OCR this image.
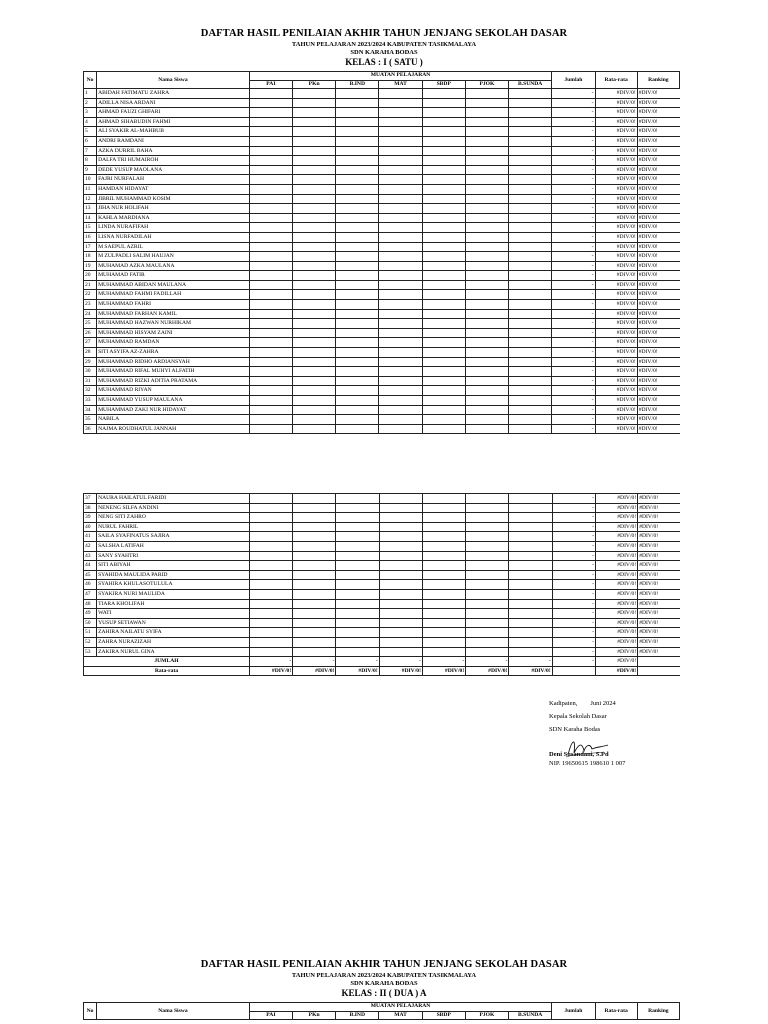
DAFTAR HASIL PENILAIAN AKHIR TAHUN JENJANG SEKOLAH DASAR
TAHUN PELAJARAN 2023/2024 KABUPATEN TASIKMALAYA
SDN KARAHA BODAS
KELAS : I ( SATU )
No	Nama Siswa	MUATAN PELAJARAN							Jumlah	Rata-rata	Ranking
		PAI	PKn	B.IND	MAT	SBDP	PJOK	B.SUNDA			
1	ABIDAH FATIMATU ZAHRA								-	#DIV/0!	#DIV/0!
2	ADILLA NISA ARDANI								-	#DIV/0!	#DIV/0!
3	AHMAD FAUZI GHIFARI								-	#DIV/0!	#DIV/0!
4	AHMAD SIHABUDIN FAHMI								-	#DIV/0!	#DIV/0!
5	ALI SYAKIR AL-MAHBUB								-	#DIV/0!	#DIV/0!
6	ANDRI RAMDANI								-	#DIV/0!	#DIV/0!
7	AZKA DURRIL BAHA								-	#DIV/0!	#DIV/0!
8	DALFA TRI HUMAIROH								-	#DIV/0!	#DIV/0!
9	DEDE YUSUP MAOLANA								-	#DIV/0!	#DIV/0!
10	FAJRI NURFALAH								-	#DIV/0!	#DIV/0!
11	HAMDAN HIDAYAT								-	#DIV/0!	#DIV/0!
12	JIBRIL MUHAMMAD KOSIM								-	#DIV/0!	#DIV/0!
13	JIHA NUR HOLIFAH								-	#DIV/0!	#DIV/0!
14	KAHLA MARDIANA								-	#DIV/0!	#DIV/0!
15	LINDA NURAFIFAH								-	#DIV/0!	#DIV/0!
16	LISNA NURFADILAH								-	#DIV/0!	#DIV/0!
17	M SAEPUL AZRIL								-	#DIV/0!	#DIV/0!
18	M ZULPADLI SALIM HAUJAN								-	#DIV/0!	#DIV/0!
19	MUHAMAD AZKA MAULANA								-	#DIV/0!	#DIV/0!
20	MUHAMAD FATIR								-	#DIV/0!	#DIV/0!
21	MUHAMMAD ABIDAN MAULANA								-	#DIV/0!	#DIV/0!
22	MUHAMMAD FAHMI FADILLAH								-	#DIV/0!	#DIV/0!
23	MUHAMMAD FAHRI								-	#DIV/0!	#DIV/0!
24	MUHAMMAD FARHAN KAMIL								-	#DIV/0!	#DIV/0!
25	MUHAMMAD HAZWAN NURHIKAM								-	#DIV/0!	#DIV/0!
26	MUHAMMAD HISYAM ZAINI								-	#DIV/0!	#DIV/0!
27	MUHAMMAD RAMDAN								-	#DIV/0!	#DIV/0!
28	SITI ASYIFA AZ-ZAHRA								-	#DIV/0!	#DIV/0!
29	MUHAMMAD RIDHO ARDIANSYAH								-	#DIV/0!	#DIV/0!
30	MUHAMMAD RIFAL MUHYI ALFATIH								-	#DIV/0!	#DIV/0!
31	MUHAMMAD RIZKI ADITIA PRATAMA								-	#DIV/0!	#DIV/0!
32	MUHAMMAD RIYAN								-	#DIV/0!	#DIV/0!
33	MUHAMMAD YUSUP MAULANA								-	#DIV/0!	#DIV/0!
34	MUHAMMAD ZAKI NUR HIDAYAT								-	#DIV/0!	#DIV/0!
35	NABILA								-	#DIV/0!	#DIV/0!
36	NAJMA ROUDHATUL JANNAH								-	#DIV/0!	#DIV/0!
37	NAURA HAILATUL FARIDI								-	#DIV/0!	#DIV/0!
38	NENENG SILFA ANDINI								-	#DIV/0!	#DIV/0!
39	NENG SITI ZAHRO								-	#DIV/0!	#DIV/0!
40	NURUL FAHRIL								-	#DIV/0!	#DIV/0!
41	SAILA SYAFINATUS SAJIRA								-	#DIV/0!	#DIV/0!
42	SALSHA LATIFAH								-	#DIV/0!	#DIV/0!
43	SANY SYAHTRI								-	#DIV/0!	#DIV/0!
44	SITI ABIYAH								-	#DIV/0!	#DIV/0!
45	SYAHIDA MAULIDA PARID								-	#DIV/0!	#DIV/0!
46	SYAHIRA KHULASOTULULA								-	#DIV/0!	#DIV/0!
47	SYAKIRA NURI MAULIDA								-	#DIV/0!	#DIV/0!
48	TIARA KHOLIFAH								-	#DIV/0!	#DIV/0!
49	WATI								-	#DIV/0!	#DIV/0!
50	YUSUP SETIAWAN								-	#DIV/0!	#DIV/0!
51	ZAHIRA NAILATU SYIFA								-	#DIV/0!	#DIV/0!
52	ZAHRA NURAZIZAH								-	#DIV/0!	#DIV/0!
53	ZAKIRA NURUL GINA								-	#DIV/0!	#DIV/0!
JUMLAH		-	-	-	-	-	-	-	-	#DIV/0!	
Rata-rata		#DIV/0!	#DIV/0!	#DIV/0!	#DIV/0!	#DIV/0!	#DIV/0!	#DIV/0!		#DIV/0!	
Kadipaten,        Juni 2024
Kepala Sekolah Dasar
SDN Karaha Bodas
Deni Susandani, S.Pd
NIP. 19650615 198610 1 007
DAFTAR HASIL PENILAIAN AKHIR TAHUN JENJANG SEKOLAH DASAR
TAHUN PELAJARAN 2023/2024 KABUPATEN TASIKMALAYA
SDN KARAHA BODAS
KELAS : II ( DUA ) A
No	Nama Siswa	MUATAN PELAJARAN							Jumlah	Rata-rata	Ranking
		PAI	PKn	B.IND	MAT	SBDP	PJOK	B.SUNDA			
